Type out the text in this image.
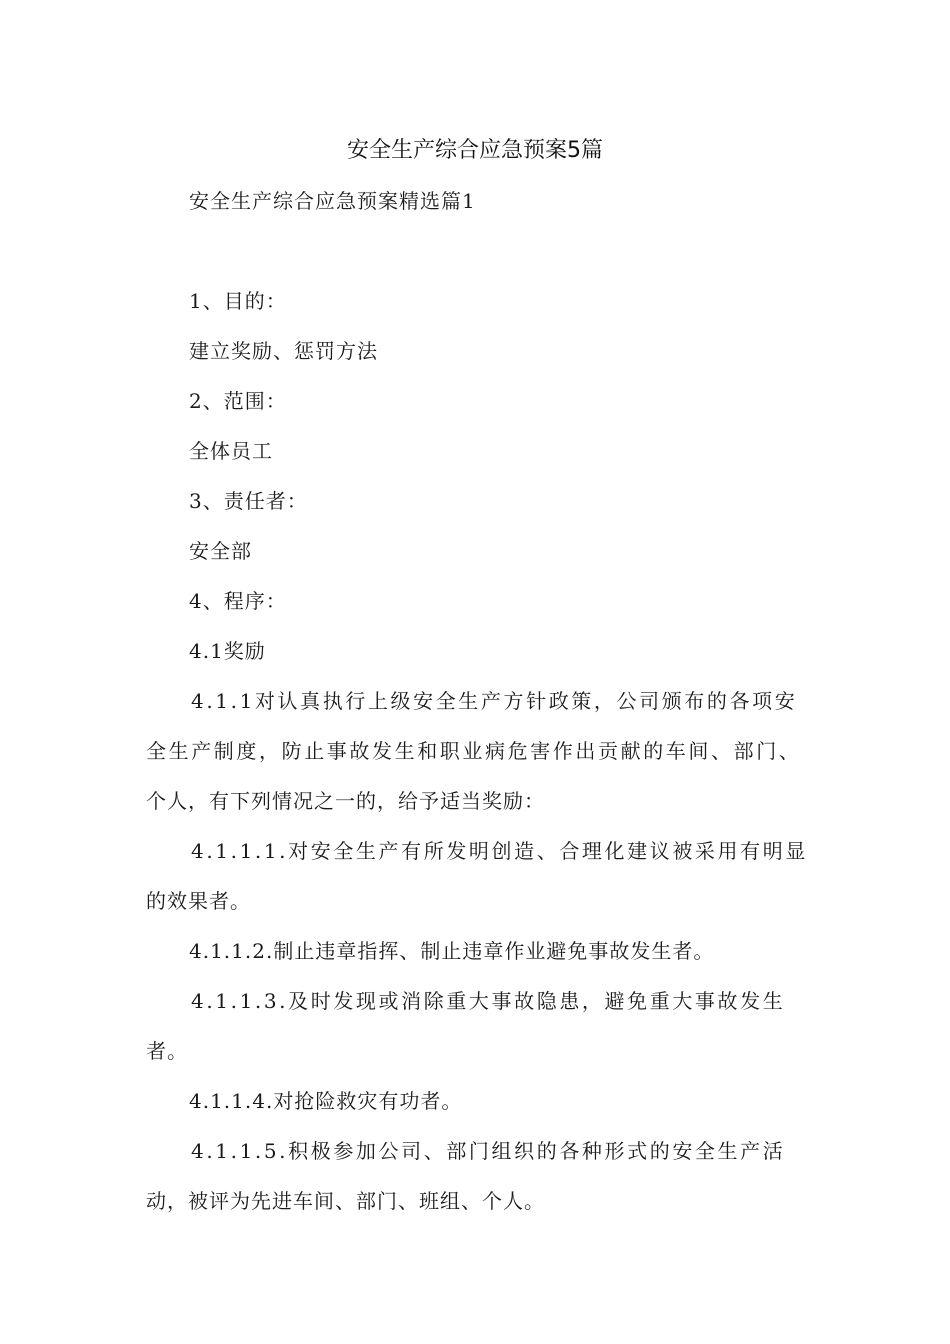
安全生产综合应急预案5篇
安全生产综合应急预案精选篇1
1、目的：
建立奖励、惩罚方法
2、范围：
全体员工
3、责任者：
安全部
4、程序：
4.1奖励
4.1.1对认真执行上级安全生产方针政策，公司颁布的各项安
全生产制度，防止事故发生和职业病危害作出贡献的车间、部门、
个人，有下列情况之一的，给予适当奖励：
4.1.1.1.对安全生产有所发明创造、合理化建议被采用有明显
的效果者。
4.1.1.2.制止违章指挥、制止违章作业避免事故发生者。
4.1.1.3.及时发现或消除重大事故隐患，避免重大事故发生
者。
4.1.1.4.对抢险救灾有功者。
4.1.1.5.积极参加公司、部门组织的各种形式的安全生产活
动，被评为先进车间、部门、班组、个人。
